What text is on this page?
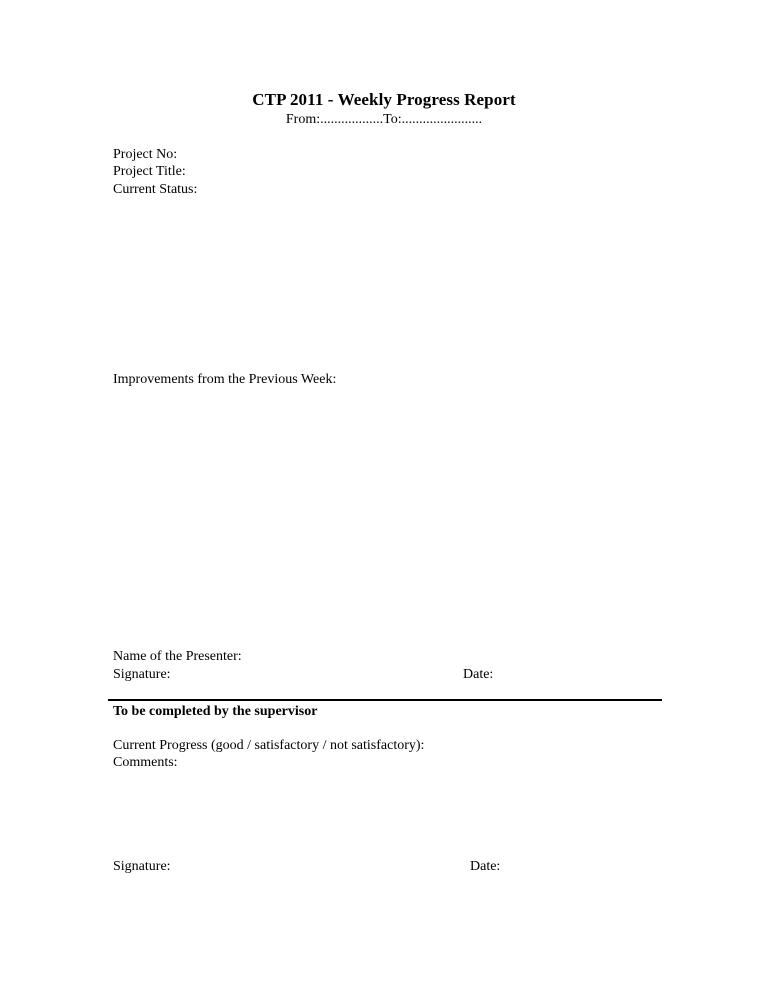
CTP 2011 - Weekly Progress Report
From:..................To:.......................
Project No:
Project Title:
Current Status:
Improvements from the Previous Week:
Name of the Presenter:
Signature:	Date:
To be completed by the supervisor
Current Progress (good / satisfactory / not satisfactory):
Comments:
Signature:	Date:
